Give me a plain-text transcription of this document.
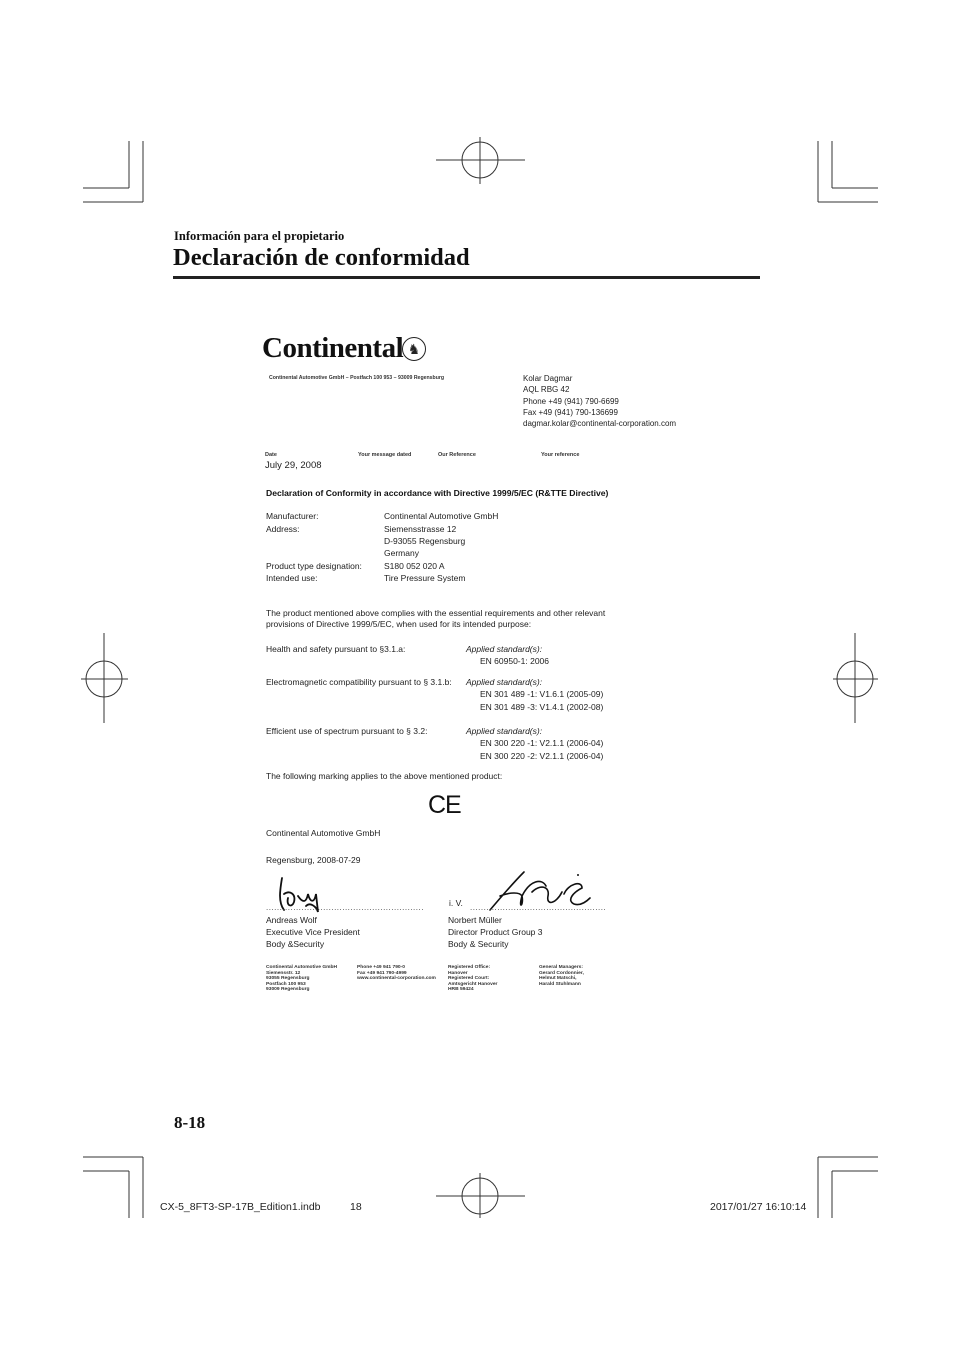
Información para el propietario
Declaración de conformidad
Continental ♞
Continental Automotive GmbH – Postfach 100 953 – 93009 Regensburg	Kolar Dagmar
AQL RBG 42
Phone +49 (941) 790-6699
Fax +49 (941) 790-136699
dagmar.kolar@continental-corporation.com
Date	Your message dated	Our Reference	Your reference
July 29, 2008
Declaration of Conformity in accordance with Directive 1999/5/EC (R&TTE Directive)
Manufacturer:	Continental Automotive GmbH
Address:	Siemensstrasse 12
D-93055 Regensburg
Germany
Product type designation:	S180 052 020 A
Intended use:	Tire Pressure System
The product mentioned above complies with the essential requirements and other relevant
provisions of Directive 1999/5/EC, when used for its intended purpose:
Health and safety pursuant to §3.1.a:	Applied standard(s):
EN 60950-1: 2006
Electromagnetic compatibility pursuant to § 3.1.b: Applied standard(s):
EN 301 489 -1: V1.6.1 (2005-09)
EN 301 489 -3: V1.4.1 (2002-08)
Efficient use of spectrum pursuant to § 3.2:	Applied standard(s):
EN 300 220 -1: V2.1.1 (2006-04)
EN 300 220 -2: V2.1.1 (2006-04)
The following marking applies to the above mentioned product:
CE
Continental Automotive GmbH
Regensburg, 2008-07-29
..........................................................
Andreas Wolf
Executive Vice President
Body &Security
i. V. ..................................................
Norbert Müller
Director Product Group 3
Body & Security
Continental Automotive GmbH
Siemensstr. 12
93055 Regensburg
Postfach 100 953
93009 Regensburg
Phone +49 941 790-0
Fax +49 941 790-4999
www.continental-corporation.com
Registered Office:
Hanover
Registered Court:
Amtsgericht Hanover
HRB 59424
General Managers:
Gerard Cordonnier,
Helmut Matschi,
Harald Stuhlmann
8-18
CX-5_8FT3-SP-17B_Edition1.indb	18	2017/01/27 16:10:14
